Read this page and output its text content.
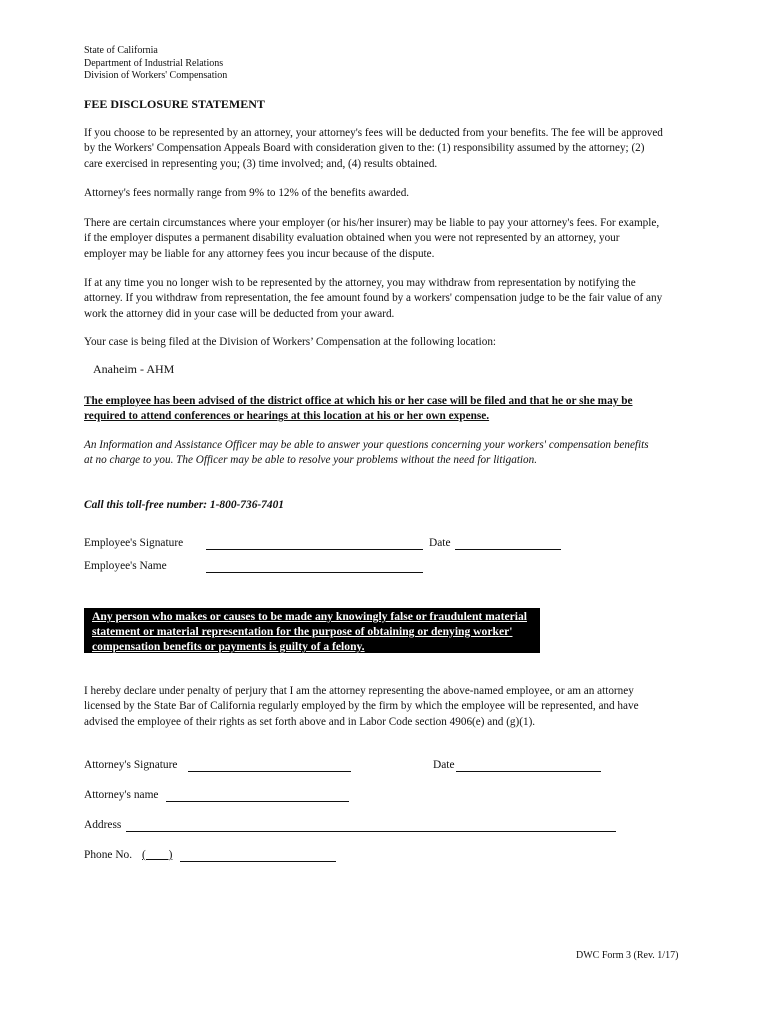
State of California
Department of Industrial Relations
Division of Workers' Compensation
FEE DISCLOSURE STATEMENT
If you choose to be represented by an attorney, your attorney's fees will be deducted from your benefits. The fee will be approved by the Workers' Compensation Appeals Board with consideration given to the: (1) responsibility assumed by the attorney; (2) care exercised in representing you; (3) time involved; and, (4) results obtained.
Attorney's fees normally range from 9% to 12% of the benefits awarded.
There are certain circumstances where your employer (or his/her insurer) may be liable to pay your attorney's fees. For example, if the employer disputes a permanent disability evaluation obtained when you were not represented by an attorney, your employer may be liable for any attorney fees you incur because of the dispute.
If at any time you no longer wish to be represented by the attorney, you may withdraw from representation by notifying the attorney. If you withdraw from representation, the fee amount found by a workers' compensation judge to be the fair value of any work the attorney did in your case will be deducted from your award.
Your case is being filed at the Division of Workers’ Compensation at the following location:
Anaheim - AHM
The employee has been advised of the district office at which his or her case will be filed and that he or she may be required to attend conferences or hearings at this location at his or her own expense.
An Information and Assistance Officer may be able to answer your questions concerning your workers' compensation benefits at no charge to you. The Officer may be able to resolve your problems without the need for litigation.
Call this toll-free number: 1-800-736-7401
Employee's Signature	Date
Employee's Name
Any person who makes or causes to be made any knowingly false or fraudulent material statement or material representation for the purpose of obtaining or denying worker' compensation benefits or payments is guilty of a felony.
I hereby declare under penalty of perjury that I am the attorney representing the above-named employee, or am an attorney licensed by the State Bar of California regularly employed by the firm by which the employee will be represented, and have advised the employee of their rights as set forth above and in Labor Code section 4906(e) and (g)(1).
Attorney's Signature	Date
Attorney's name
Address
Phone No. (        )
DWC Form 3 (Rev. 1/17)
